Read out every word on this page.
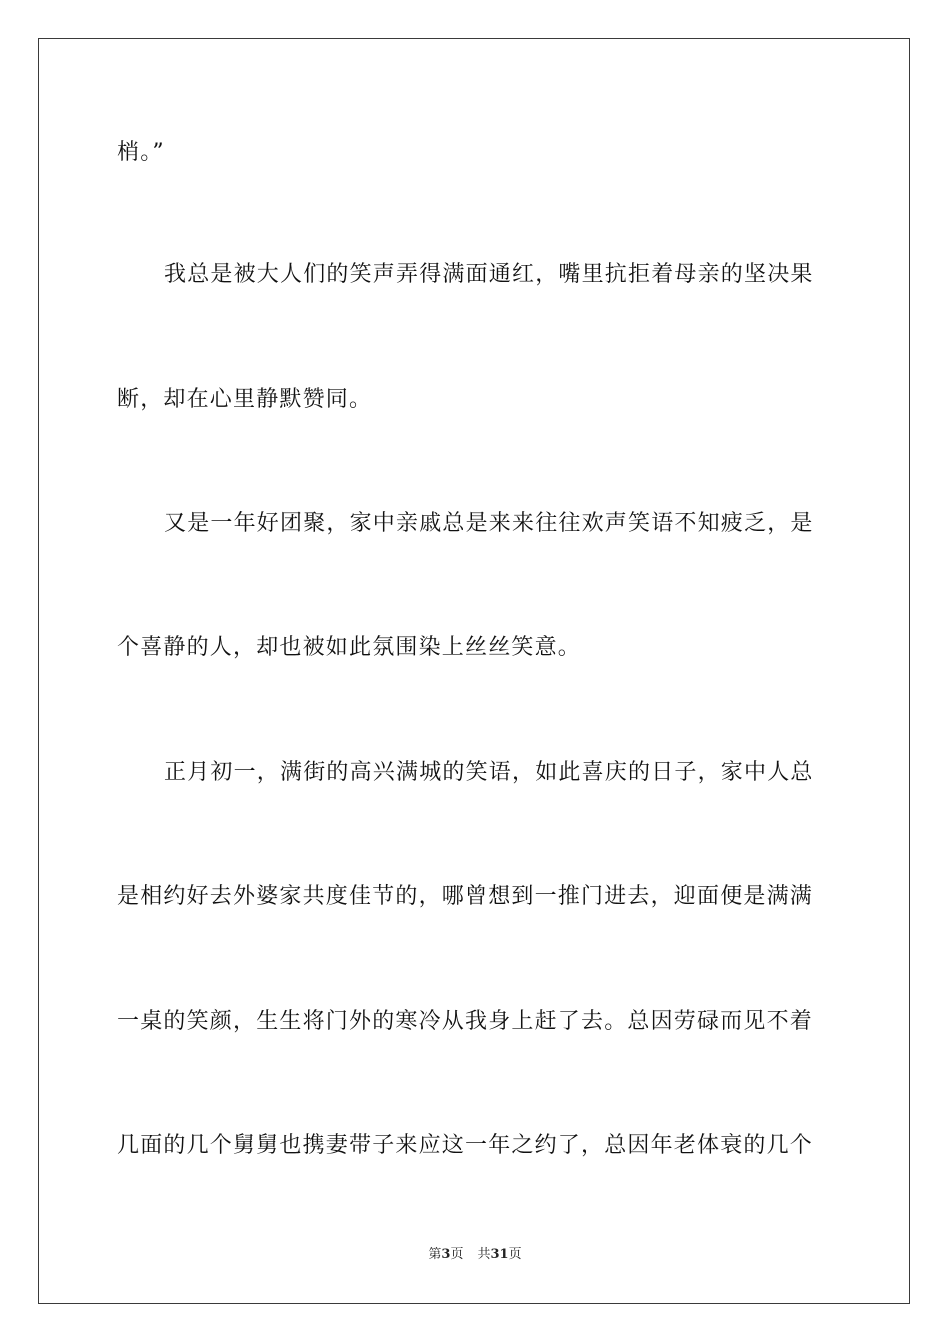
梢。”
我总是被大人们的笑声弄得满面通红，嘴里抗拒着母亲的坚决果
断，却在心里静默赞同。
又是一年好团聚，家中亲戚总是来来往往欢声笑语不知疲乏，是
个喜静的人，却也被如此氛围染上丝丝笑意。
正月初一，满街的高兴满城的笑语，如此喜庆的日子，家中人总
是相约好去外婆家共度佳节的，哪曾想到一推门进去，迎面便是满满
一桌的笑颜，生生将门外的寒冷从我身上赶了去。总因劳碌而见不着
几面的几个舅舅也携妻带子来应这一年之约了，总因年老体衰的几个
第3页 共31页
